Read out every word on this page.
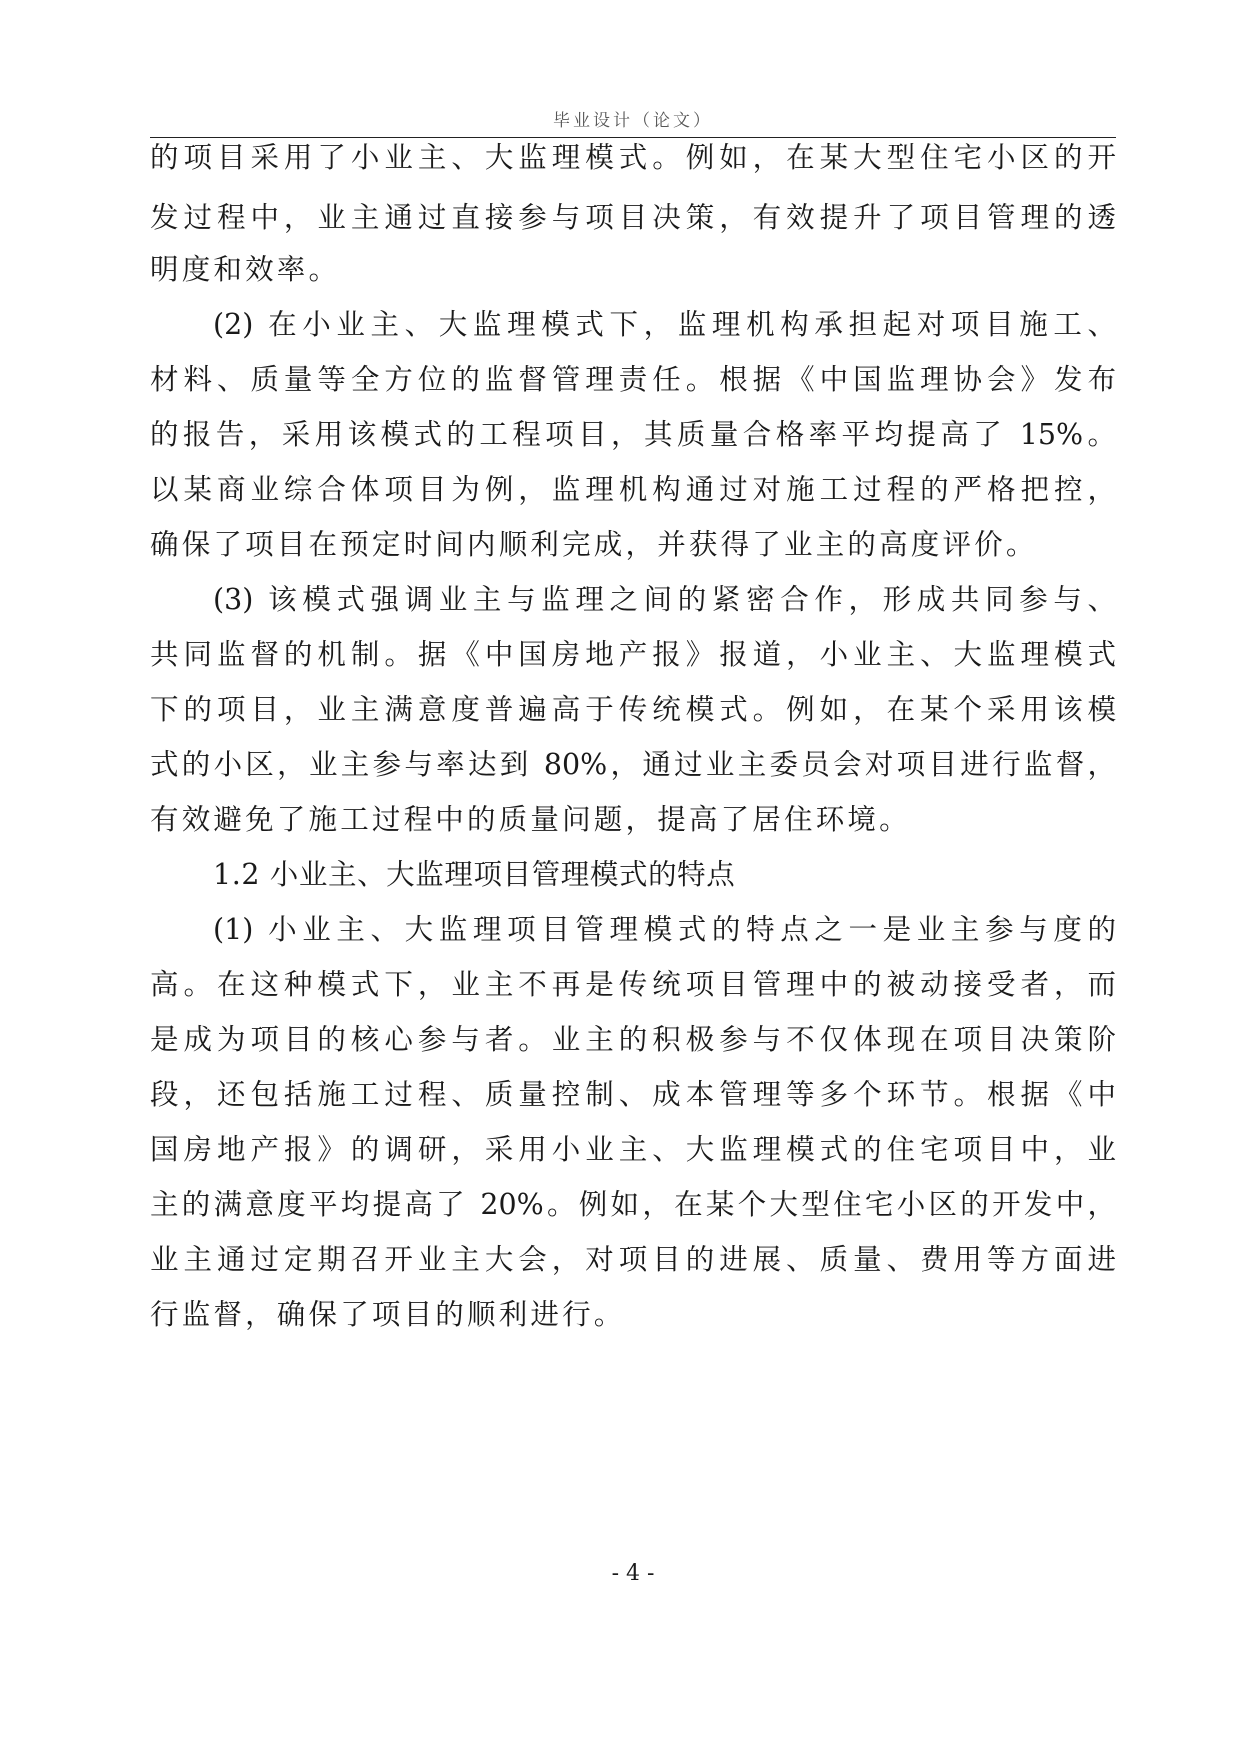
毕业设计（论文）
的项目采用了小业主、大监理模式。例如，在某大型住宅小区的开
发过程中，业主通过直接参与项目决策，有效提升了项目管理的透
明度和效率。
(2) 在小业主、大监理模式下，监理机构承担起对项目施工、
材料、质量等全方位的监督管理责任。根据《中国监理协会》发布
的报告，采用该模式的工程项目，其质量合格率平均提高了 15%。
以某商业综合体项目为例，监理机构通过对施工过程的严格把控，
确保了项目在预定时间内顺利完成，并获得了业主的高度评价。
(3) 该模式强调业主与监理之间的紧密合作，形成共同参与、
共同监督的机制。据《中国房地产报》报道，小业主、大监理模式
下的项目，业主满意度普遍高于传统模式。例如，在某个采用该模
式的小区，业主参与率达到 80%，通过业主委员会对项目进行监督，
有效避免了施工过程中的质量问题，提高了居住环境。
1.2 小业主、大监理项目管理模式的特点
(1) 小业主、大监理项目管理模式的特点之一是业主参与度的
高。在这种模式下，业主不再是传统项目管理中的被动接受者，而
是成为项目的核心参与者。业主的积极参与不仅体现在项目决策阶
段，还包括施工过程、质量控制、成本管理等多个环节。根据《中
国房地产报》的调研，采用小业主、大监理模式的住宅项目中，业
主的满意度平均提高了 20%。例如，在某个大型住宅小区的开发中，
业主通过定期召开业主大会，对项目的进展、质量、费用等方面进
行监督，确保了项目的顺利进行。
- 4 -
